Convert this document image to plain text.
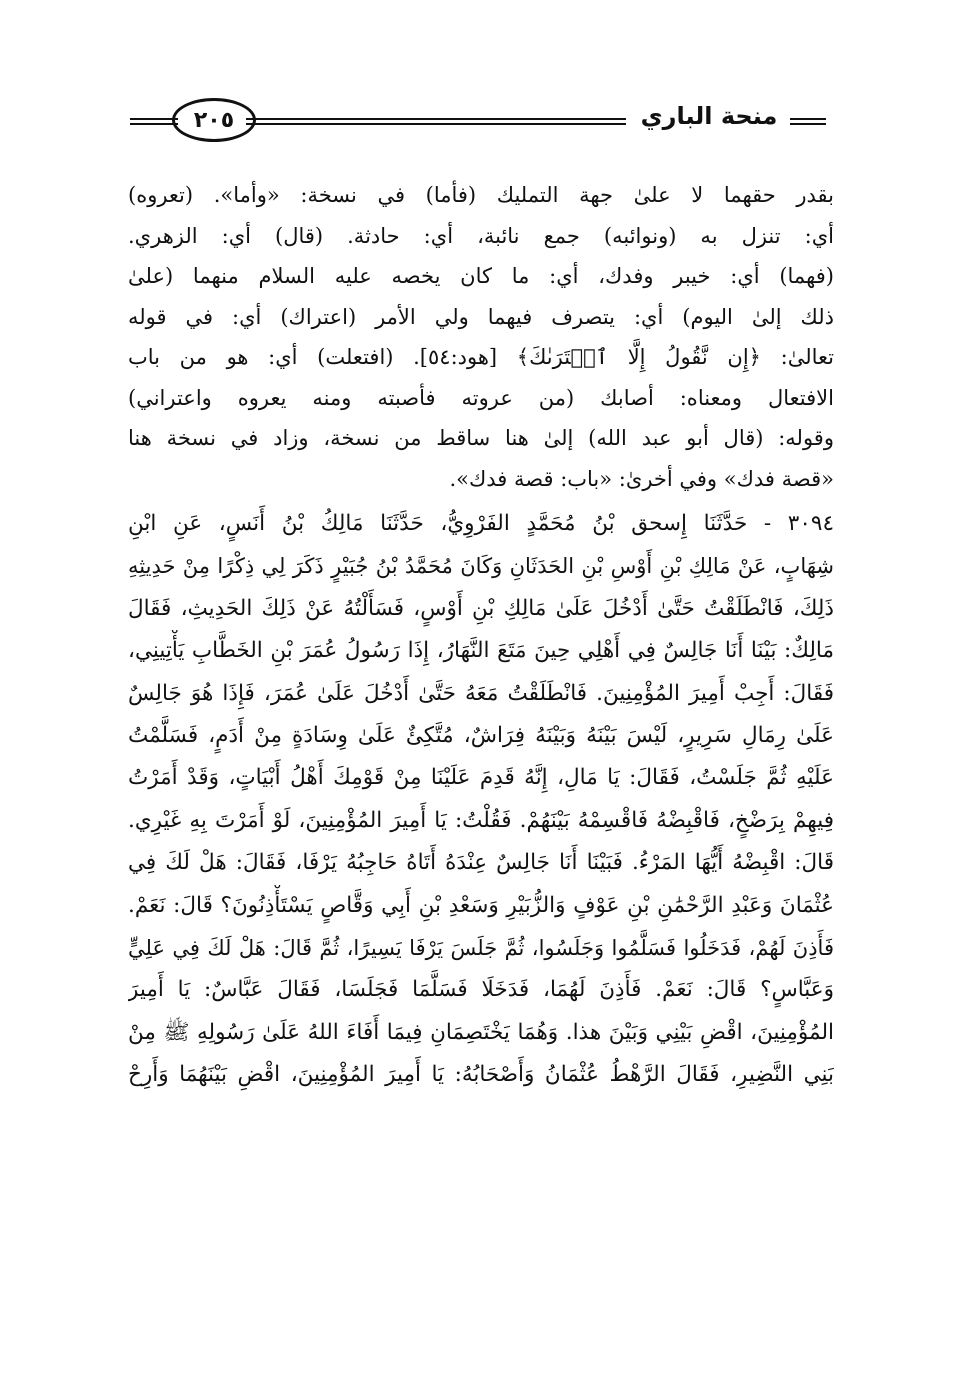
٢٠٥	منحة الباري
بقدر حقهما لا علىٰ جهة التمليك (فأما) في نسخة: «وأما». (تعروه)
أي: تنزل به (ونوائبه) جمع نائبة، أي: حادثة. (قال) أي: الزهري.
(فهما) أي: خيبر وفدك، أي: ما كان يخصه عليه السلام منهما (علىٰ
ذلك إلىٰ اليوم) أي: يتصرف فيهما ولي الأمر (اعتراك) أي: في قوله
تعالىٰ: ﴿إِن نَّقُولُ إِلَّا ٱعۡتَرَىٰكَ﴾ [هود:٥٤]. (افتعلت) أي: هو من باب
الافتعال ومعناه: أصابك (من عروته فأصبته ومنه يعروه واعتراني)
وقوله: (قال أبو عبد الله) إلىٰ هنا ساقط من نسخة، وزاد في نسخة هنا
«قصة فدك» وفي أخرىٰ: «باب: قصة فدك».
٣٠٩٤ - حَدَّثَنَا إِسحق بْنُ مُحَمَّدٍ الفَرْوِيُّ، حَدَّثَنَا مَالِكُ بْنُ أَنَسٍ، عَنِ ابْنِ
شِهَابٍ، عَنْ مَالِكِ بْنِ أَوْسِ بْنِ الحَدَثَانِ وَكَانَ مُحَمَّدُ بْنُ جُبَيْرٍ ذَكَرَ لِي ذِكْرًا مِنْ حَدِيثِهِ
ذَلِكَ، فَانْطَلَقْتُ حَتَّىٰ أَدْخُلَ عَلَىٰ مَالِكِ بْنِ أَوْسٍ، فَسَأَلْتُهُ عَنْ ذَلِكَ الحَدِيثِ، فَقَالَ
مَالِكٌ: بَيْنَا أَنَا جَالِسٌ فِي أَهْلِي حِينَ مَتَعَ النَّهَارُ، إِذَا رَسُولُ عُمَرَ بْنِ الخَطَّابِ يَأْتِينِي،
فَقَالَ: أَجِبْ أَمِيرَ المُؤْمِنِينَ. فَانْطَلَقْتُ مَعَهُ حَتَّىٰ أَدْخُلَ عَلَىٰ عُمَرَ، فَإِذَا هُوَ جَالِسٌ
عَلَىٰ رِمَالِ سَرِيرٍ، لَيْسَ بَيْنَهُ وَبَيْنَهُ فِرَاشٌ، مُتَّكِئٌ عَلَىٰ وِسَادَةٍ مِنْ أَدَمٍ، فَسَلَّمْتُ
عَلَيْهِ ثُمَّ جَلَسْتُ، فَقَالَ: يَا مَالِ، إِنَّهُ قَدِمَ عَلَيْنَا مِنْ قَوْمِكَ أَهْلُ أَبْيَاتٍ، وَقَدْ أَمَرْتُ
فِيهِمْ بِرَضْخٍ، فَاقْبِضْهُ فَاقْسِمْهُ بَيْنَهُمْ. فَقُلْتُ: يَا أَمِيرَ المُؤْمِنِينَ، لَوْ أَمَرْتَ بِهِ غَيْرِي.
قَالَ: اقْبِضْهُ أَيُّهَا المَرْءُ. فَبَيْنَا أَنَا جَالِسٌ عِنْدَهُ أَتَاهُ حَاجِبُهُ يَرْفَا، فَقَالَ: هَلْ لَكَ فِي
عُثْمَانَ وَعَبْدِ الرَّحْمَٰنِ بْنِ عَوْفٍ وَالزُّبَيْرِ وَسَعْدِ بْنِ أَبِي وَقَّاصٍ يَسْتَأْذِنُونَ؟ قَالَ: نَعَمْ.
فَأَذِنَ لَهُمْ، فَدَخَلُوا فَسَلَّمُوا وَجَلَسُوا، ثُمَّ جَلَسَ يَرْفَا يَسِيرًا، ثُمَّ قَالَ: هَلْ لَكَ فِي عَلِيٍّ
وَعَبَّاسٍ؟ قَالَ: نَعَمْ. فَأَذِنَ لَهُمَا، فَدَخَلَا فَسَلَّمَا فَجَلَسَا، فَقَالَ عَبَّاسٌ: يَا أَمِيرَ
المُؤْمِنِينَ، اقْضِ بَيْنِي وَبَيْنَ هذا. وَهُمَا يَخْتَصِمَانِ فِيمَا أَفَاءَ اللهُ عَلَىٰ رَسُولِهِ ﷺ مِنْ
بَنِي النَّضِيرِ، فَقَالَ الرَّهْطُ عُثْمَانُ وَأَصْحَابُهُ: يَا أَمِيرَ المُؤْمِنِينَ، اقْضِ بَيْنَهُمَا وَأَرِحْ
